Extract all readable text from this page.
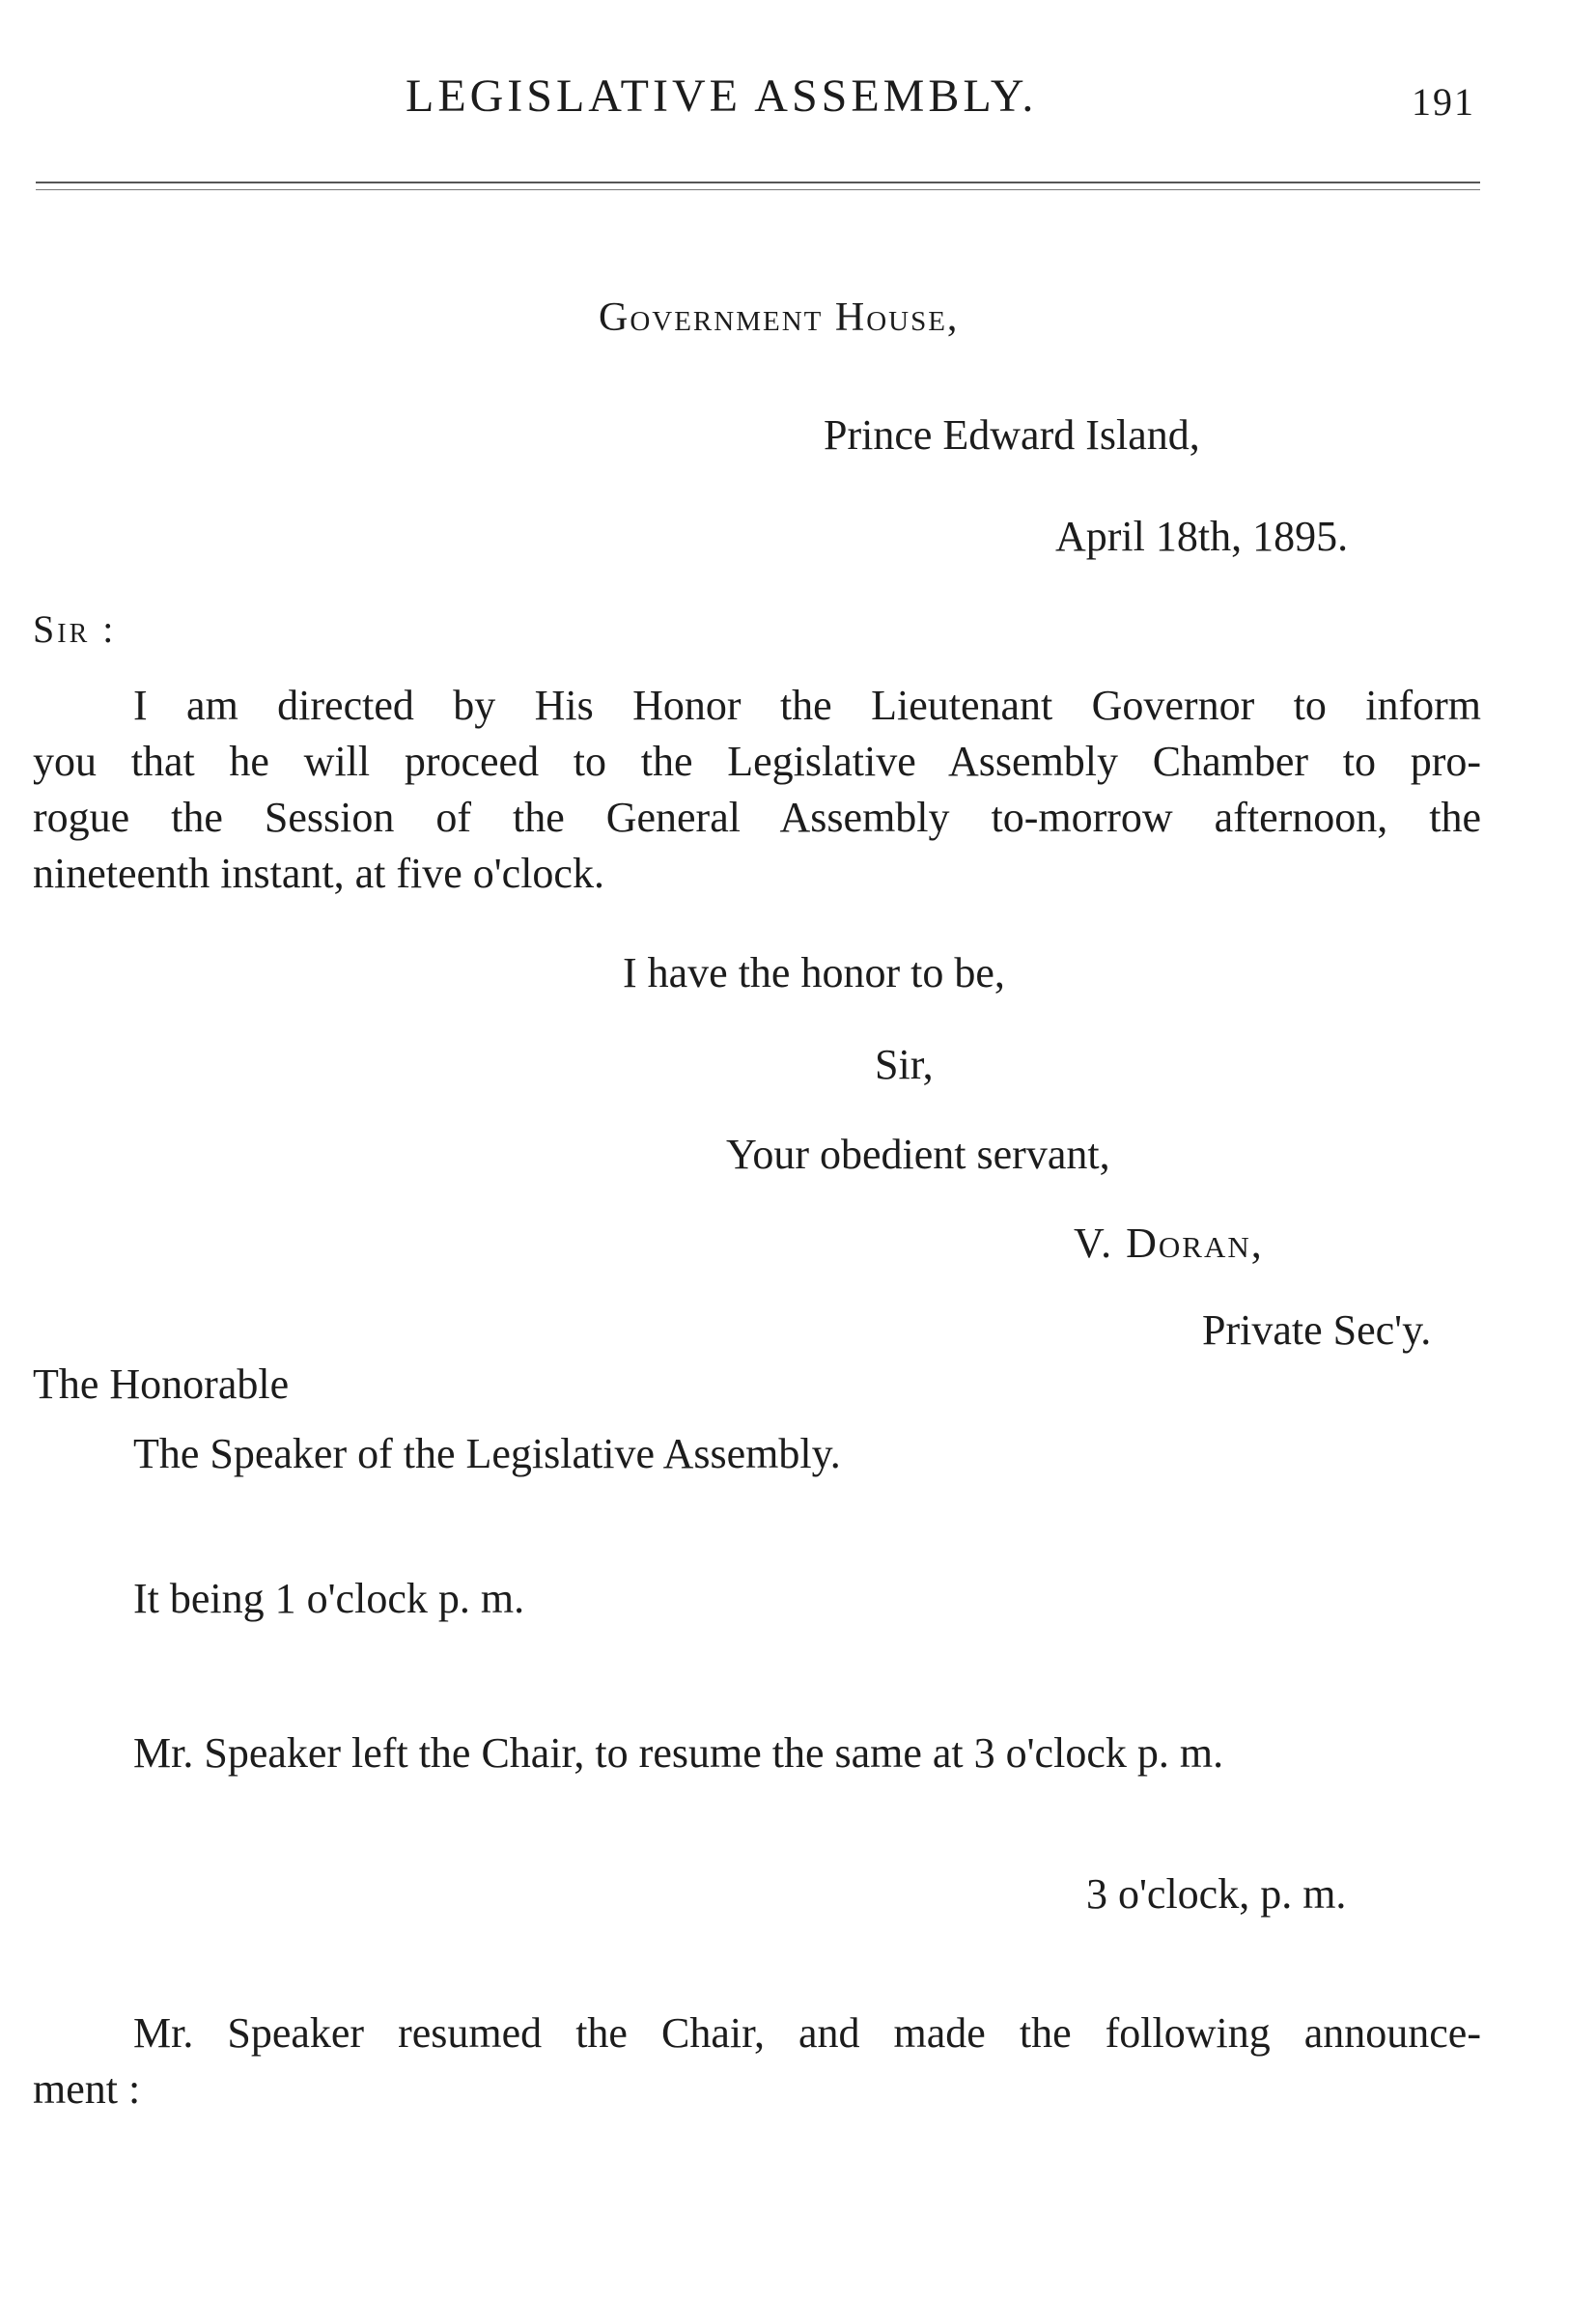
LEGISLATIVE ASSEMBLY.	191
Government House,
Prince Edward Island,
April 18th, 1895.
Sir :
I am directed by His Honor the Lieutenant Governor to inform
you that he will proceed to the Legislative Assembly Chamber to pro-
rogue the Session of the General Assembly to-morrow afternoon, the
nineteenth instant, at five o'clock.
I have the honor to be,
Sir,
Your obedient servant,
V. Doran,
Private Sec'y.
The Honorable
The Speaker of the Legislative Assembly.
It being 1 o'clock p. m.
Mr. Speaker left the Chair, to resume the same at 3 o'clock p. m.
3 o'clock, p. m.
Mr. Speaker resumed the Chair, and made the following announce-
ment :
